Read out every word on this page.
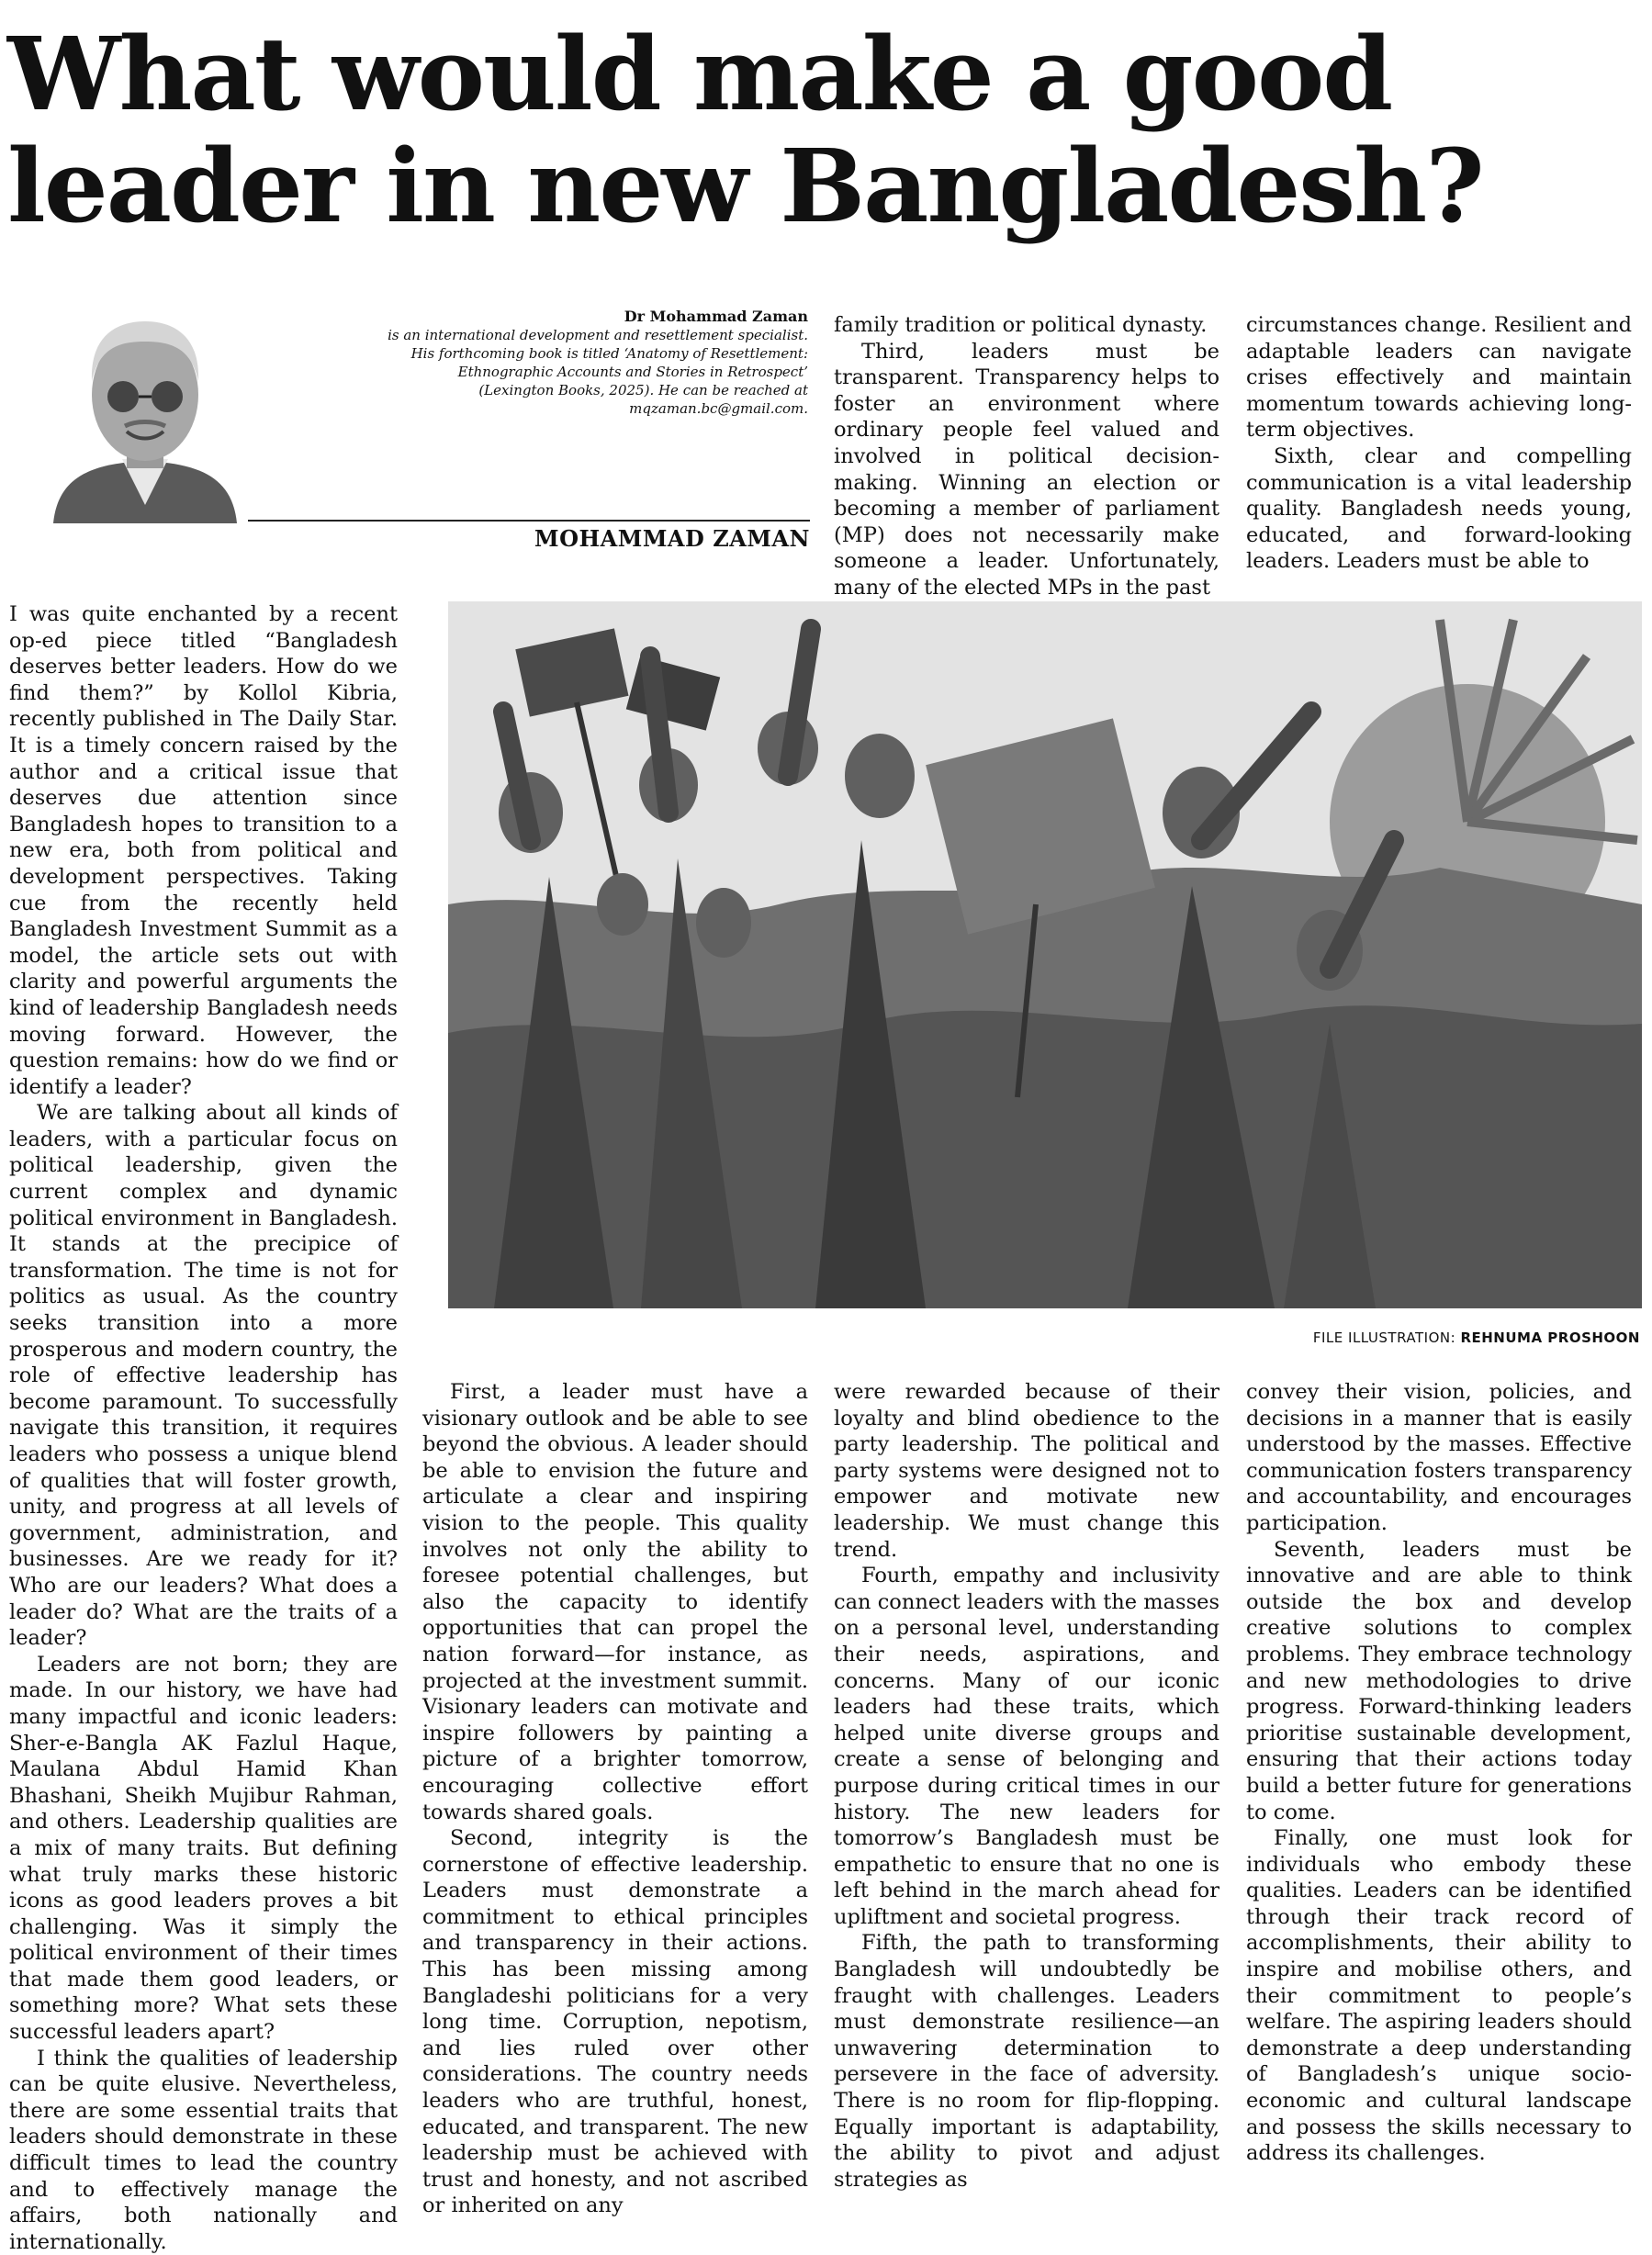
What would make a good
leader in new Bangladesh?
Dr Mohammad Zaman
is an international development and resettlement specialist. His forthcoming book is titled ‘Anatomy of Resettlement: Ethnographic Accounts and Stories in Retrospect’ (Lexington Books, 2025). He can be reached at mqzaman.bc@gmail.com.
MOHAMMAD ZAMAN

I was quite enchanted by a recent op-ed piece titled “Bangladesh deserves better leaders. How do we find them?” by Kollol Kibria, recently published in The Daily Star. It is a timely concern raised by the author and a critical issue that deserves due attention since Bangladesh hopes to transition to a new era, both from political and development perspectives. Taking cue from the recently held Bangladesh Investment Summit as a model, the article sets out with clarity and powerful arguments the kind of leadership Bangladesh needs moving forward. However, the question remains: how do we find or identify a leader?

We are talking about all kinds of leaders, with a particular focus on political leadership, given the current complex and dynamic political environment in Bangladesh. It stands at the precipice of transformation. The time is not for politics as usual. As the country seeks transition into a more prosperous and modern country, the role of effective leadership has become paramount. To successfully navigate this transition, it requires leaders who possess a unique blend of qualities that will foster growth, unity, and progress at all levels of government, administration, and businesses. Are we ready for it? Who are our leaders? What does a leader do? What are the traits of a leader?

Leaders are not born; they are made. In our history, we have had many impactful and iconic leaders: Sher-e-Bangla AK Fazlul Haque, Maulana Abdul Hamid Khan Bhashani, Sheikh Mujibur Rahman, and others. Leadership qualities are a mix of many traits. But defining what truly marks these historic icons as good leaders proves a bit challenging. Was it simply the political environment of their times that made them good leaders, or something more? What sets these successful leaders apart?

I think the qualities of leadership can be quite elusive. Nevertheless, there are some essential traits that leaders should demonstrate in these difficult times to lead the country and to effectively manage the affairs, both nationally and internationally.

family tradition or political dynasty.

Third, leaders must be transparent. Transparency helps to foster an environment where ordinary people feel valued and involved in political decision-making. Winning an election or becoming a member of parliament (MP) does not necessarily make someone a leader. Unfortunately, many of the elected MPs in the past

circumstances change. Resilient and adaptable leaders can navigate crises effectively and maintain momentum towards achieving long-term objectives.

Sixth, clear and compelling communication is a vital leadership quality. Bangladesh needs young, educated, and forward-looking leaders. Leaders must be able to

FILE ILLUSTRATION: REHNUMA PROSHOON

First, a leader must have a visionary outlook and be able to see beyond the obvious. A leader should be able to envision the future and articulate a clear and inspiring vision to the people. This quality involves not only the ability to foresee potential challenges, but also the capacity to identify opportunities that can propel the nation forward—for instance, as projected at the investment summit. Visionary leaders can motivate and inspire followers by painting a picture of a brighter tomorrow, encouraging collective effort towards shared goals.

Second, integrity is the cornerstone of effective leadership. Leaders must demonstrate a commitment to ethical principles and transparency in their actions. This has been missing among Bangladeshi politicians for a very long time. Corruption, nepotism, and lies ruled over other considerations. The country needs leaders who are truthful, honest, educated, and transparent. The new leadership must be achieved with trust and honesty, and not ascribed or inherited on any

were rewarded because of their loyalty and blind obedience to the party leadership. The political and party systems were designed not to empower and motivate new leadership. We must change this trend.

Fourth, empathy and inclusivity can connect leaders with the masses on a personal level, understanding their needs, aspirations, and concerns. Many of our iconic leaders had these traits, which helped unite diverse groups and create a sense of belonging and purpose during critical times in our history. The new leaders for tomorrow’s Bangladesh must be empathetic to ensure that no one is left behind in the march ahead for upliftment and societal progress.

Fifth, the path to transforming Bangladesh will undoubtedly be fraught with challenges. Leaders must demonstrate resilience—an unwavering determination to persevere in the face of adversity. There is no room for flip-flopping. Equally important is adaptability, the ability to pivot and adjust strategies as

convey their vision, policies, and decisions in a manner that is easily understood by the masses. Effective communication fosters transparency and accountability, and encourages participation.

Seventh, leaders must be innovative and are able to think outside the box and develop creative solutions to complex problems. They embrace technology and new methodologies to drive progress. Forward-thinking leaders prioritise sustainable development, ensuring that their actions today build a better future for generations to come.

Finally, one must look for individuals who embody these qualities. Leaders can be identified through their track record of accomplishments, their ability to inspire and mobilise others, and their commitment to people’s welfare. The aspiring leaders should demonstrate a deep understanding of Bangladesh’s unique socio-economic and cultural landscape and possess the skills necessary to address its challenges.
